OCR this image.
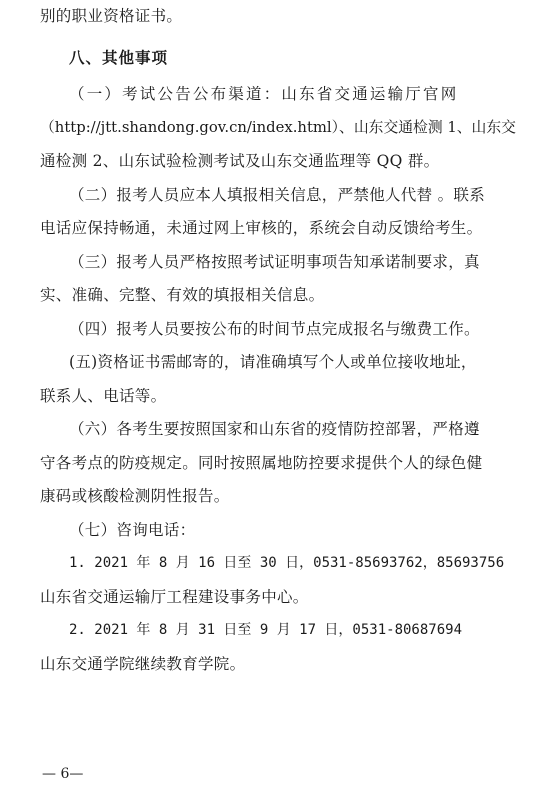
别的职业资格证书。
八、其他事项
（一）考试公告公布渠道：山东省交通运输厅官网
（http://jtt.shandong.gov.cn/index.html）、山东交通检测 1、山东交
通检测 2、山东试验检测考试及山东交通监理等 QQ 群。
（二）报考人员应本人填报相关信息，严禁他人代替 。联系
电话应保持畅通，未通过网上审核的，系统会自动反馈给考生。
（三）报考人员严格按照考试证明事项告知承诺制要求，真
实、准确、完整、有效的填报相关信息。
（四）报考人员要按公布的时间节点完成报名与缴费工作。
(五)资格证书需邮寄的，请准确填写个人或单位接收地址，
联系人、电话等。
（六）各考生要按照国家和山东省的疫情防控部署，严格遵
守各考点的防疫规定。同时按照属地防控要求提供个人的绿色健
康码或核酸检测阴性报告。
（七）咨询电话：
1. 2021 年 8 月 16 日至 30 日，0531-85693762，85693756
山东省交通运输厅工程建设事务中心。
2. 2021 年 8 月 31 日至 9 月 17 日，0531-80687694
山东交通学院继续教育学院。
— 6—
